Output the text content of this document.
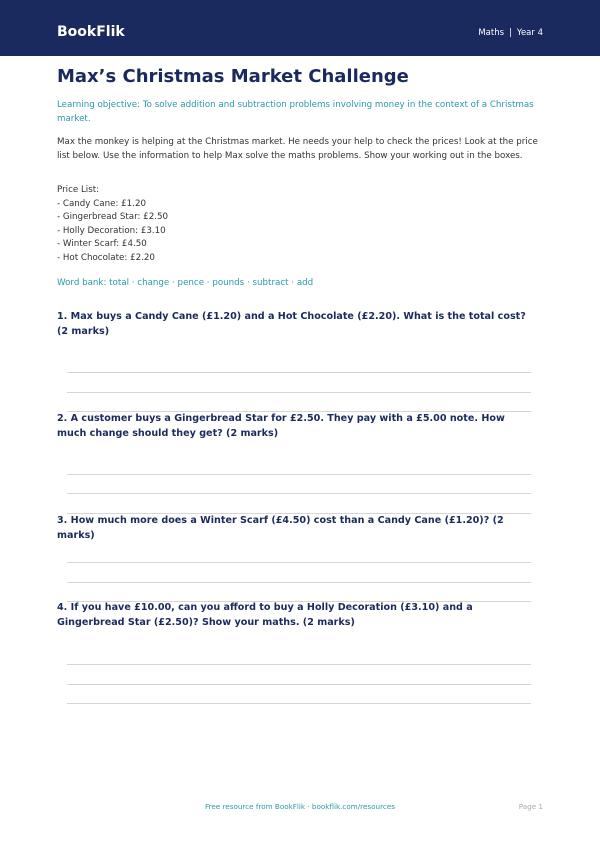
BookFlik	Maths | Year 4
Max’s Christmas Market Challenge

Learning objective: To solve addition and subtraction problems involving money in the context of a Christmas market.

Max the monkey is helping at the Christmas market. He needs your help to check the prices! Look at the price list below. Use the information to help Max solve the maths problems. Show your working out in the boxes.

Price List:
- Candy Cane: £1.20
- Gingerbread Star: £2.50
- Holly Decoration: £3.10
- Winter Scarf: £4.50
- Hot Chocolate: £2.20

Word bank: total · change · pence · pounds · subtract · add

1. Max buys a Candy Cane (£1.20) and a Hot Chocolate (£2.20). What is the total cost? (2 marks)

2. A customer buys a Gingerbread Star for £2.50. They pay with a £5.00 note. How much change should they get? (2 marks)

3. How much more does a Winter Scarf (£4.50) cost than a Candy Cane (£1.20)? (2 marks)

4. If you have £10.00, can you afford to buy a Holly Decoration (£3.10) and a Gingerbread Star (£2.50)? Show your maths. (2 marks)

Free resource from BookFlik · bookflik.com/resources	Page 1
